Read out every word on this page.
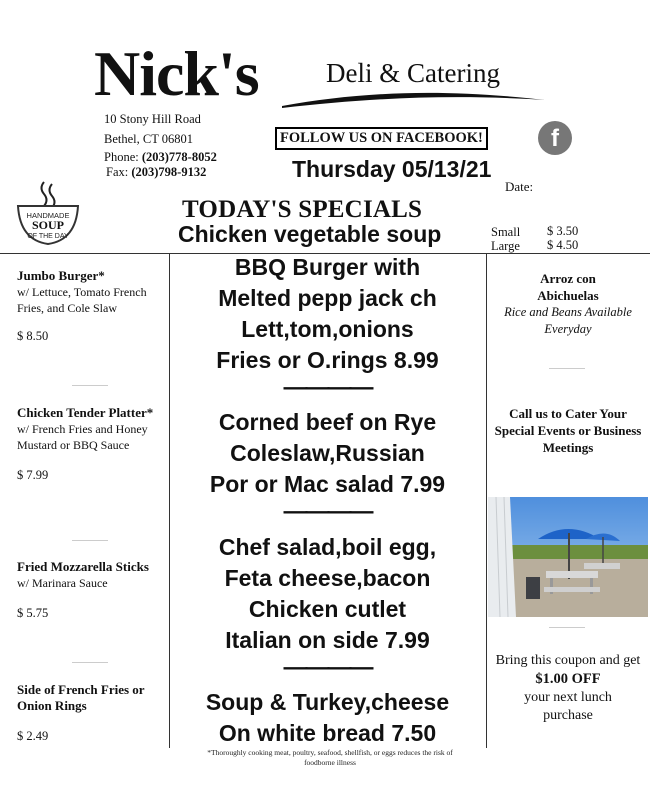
Nick's Deli & Catering
10 Stony Hill Road
Bethel, CT 06801
Phone: (203)778-8052
Fax: (203)798-9132
FOLLOW US ON FACEBOOK!	f
Thursday 05/13/21
Date:
HANDMADE
SOUP
OF THE DAY
TODAY'S SPECIALS
Chicken vegetable soup	Small $ 3.50
Large $ 4.50
Jumbo Burger*
w/ Lettuce, Tomato French Fries, and Cole Slaw
$ 8.50
Chicken Tender Platter*
w/ French Fries and Honey Mustard or BBQ Sauce
$ 7.99
Fried Mozzarella Sticks
w/ Marinara Sauce
$ 5.75
Side of French Fries or Onion Rings
$ 2.49
BBQ Burger with
Melted pepp jack ch
Lett,tom,onions
Fries or O.rings 8.99
————
Corned beef on Rye
Coleslaw,Russian
Por or Mac salad 7.99
————
Chef salad,boil egg,
Feta cheese,bacon
Chicken cutlet
Italian on side 7.99
————
Soup & Turkey,cheese
On white bread 7.50
*Thoroughly cooking meat, poultry, seafood, shellfish, or eggs reduces the risk of foodborne illness
Arroz con Abichuelas
Rice and Beans Available Everyday
Call us to Cater Your Special Events or Business Meetings
Bring this coupon and get
$1.00 OFF
your next lunch purchase
